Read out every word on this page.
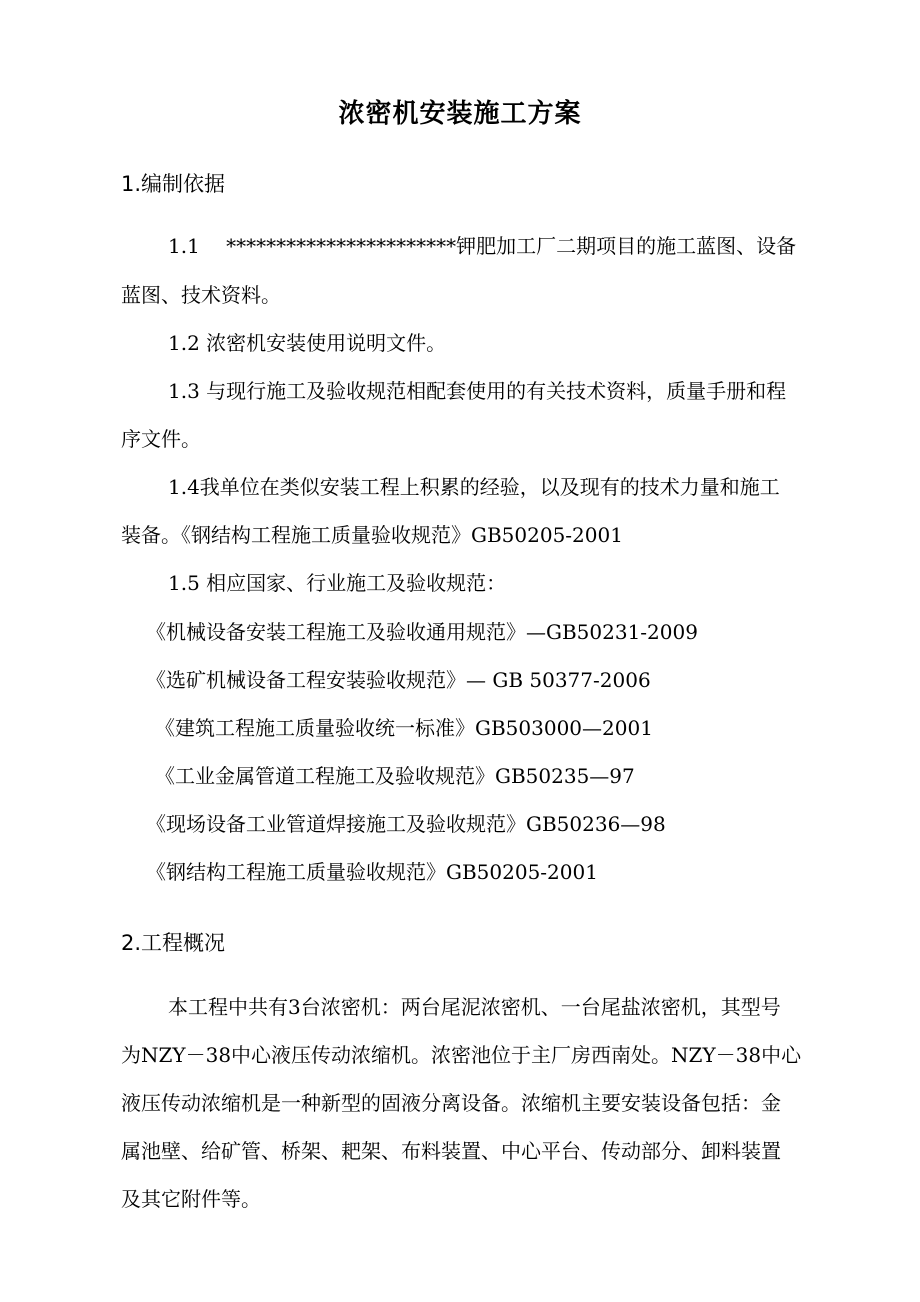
浓密机安装施工方案
1.编制依据
1.1　 ***********************钾肥加工厂二期项目的施工蓝图、设备
蓝图、技术资料。
1.2 浓密机安装使用说明文件。
1.3 与现行施工及验收规范相配套使用的有关技术资料，质量手册和程
序文件。
1.4我单位在类似安装工程上积累的经验，以及现有的技术力量和施工
装备。《钢结构工程施工质量验收规范》GB50205-2001
1.5 相应国家、行业施工及验收规范：
《机械设备安装工程施工及验收通用规范》—GB50231-2009
《选矿机械设备工程安装验收规范》— GB 50377-2006
《建筑工程施工质量验收统一标准》GB503000—2001
《工业金属管道工程施工及验收规范》GB50235—97
《现场设备工业管道焊接施工及验收规范》GB50236—98
《钢结构工程施工质量验收规范》GB50205-2001
2.工程概况
本工程中共有3台浓密机：两台尾泥浓密机、一台尾盐浓密机，其型号
为NZY－38中心液压传动浓缩机。浓密池位于主厂房西南处。NZY－38中心
液压传动浓缩机是一种新型的固液分离设备。浓缩机主要安装设备包括：金
属池壁、给矿管、桥架、耙架、布料装置、中心平台、传动部分、卸料装置
及其它附件等。
